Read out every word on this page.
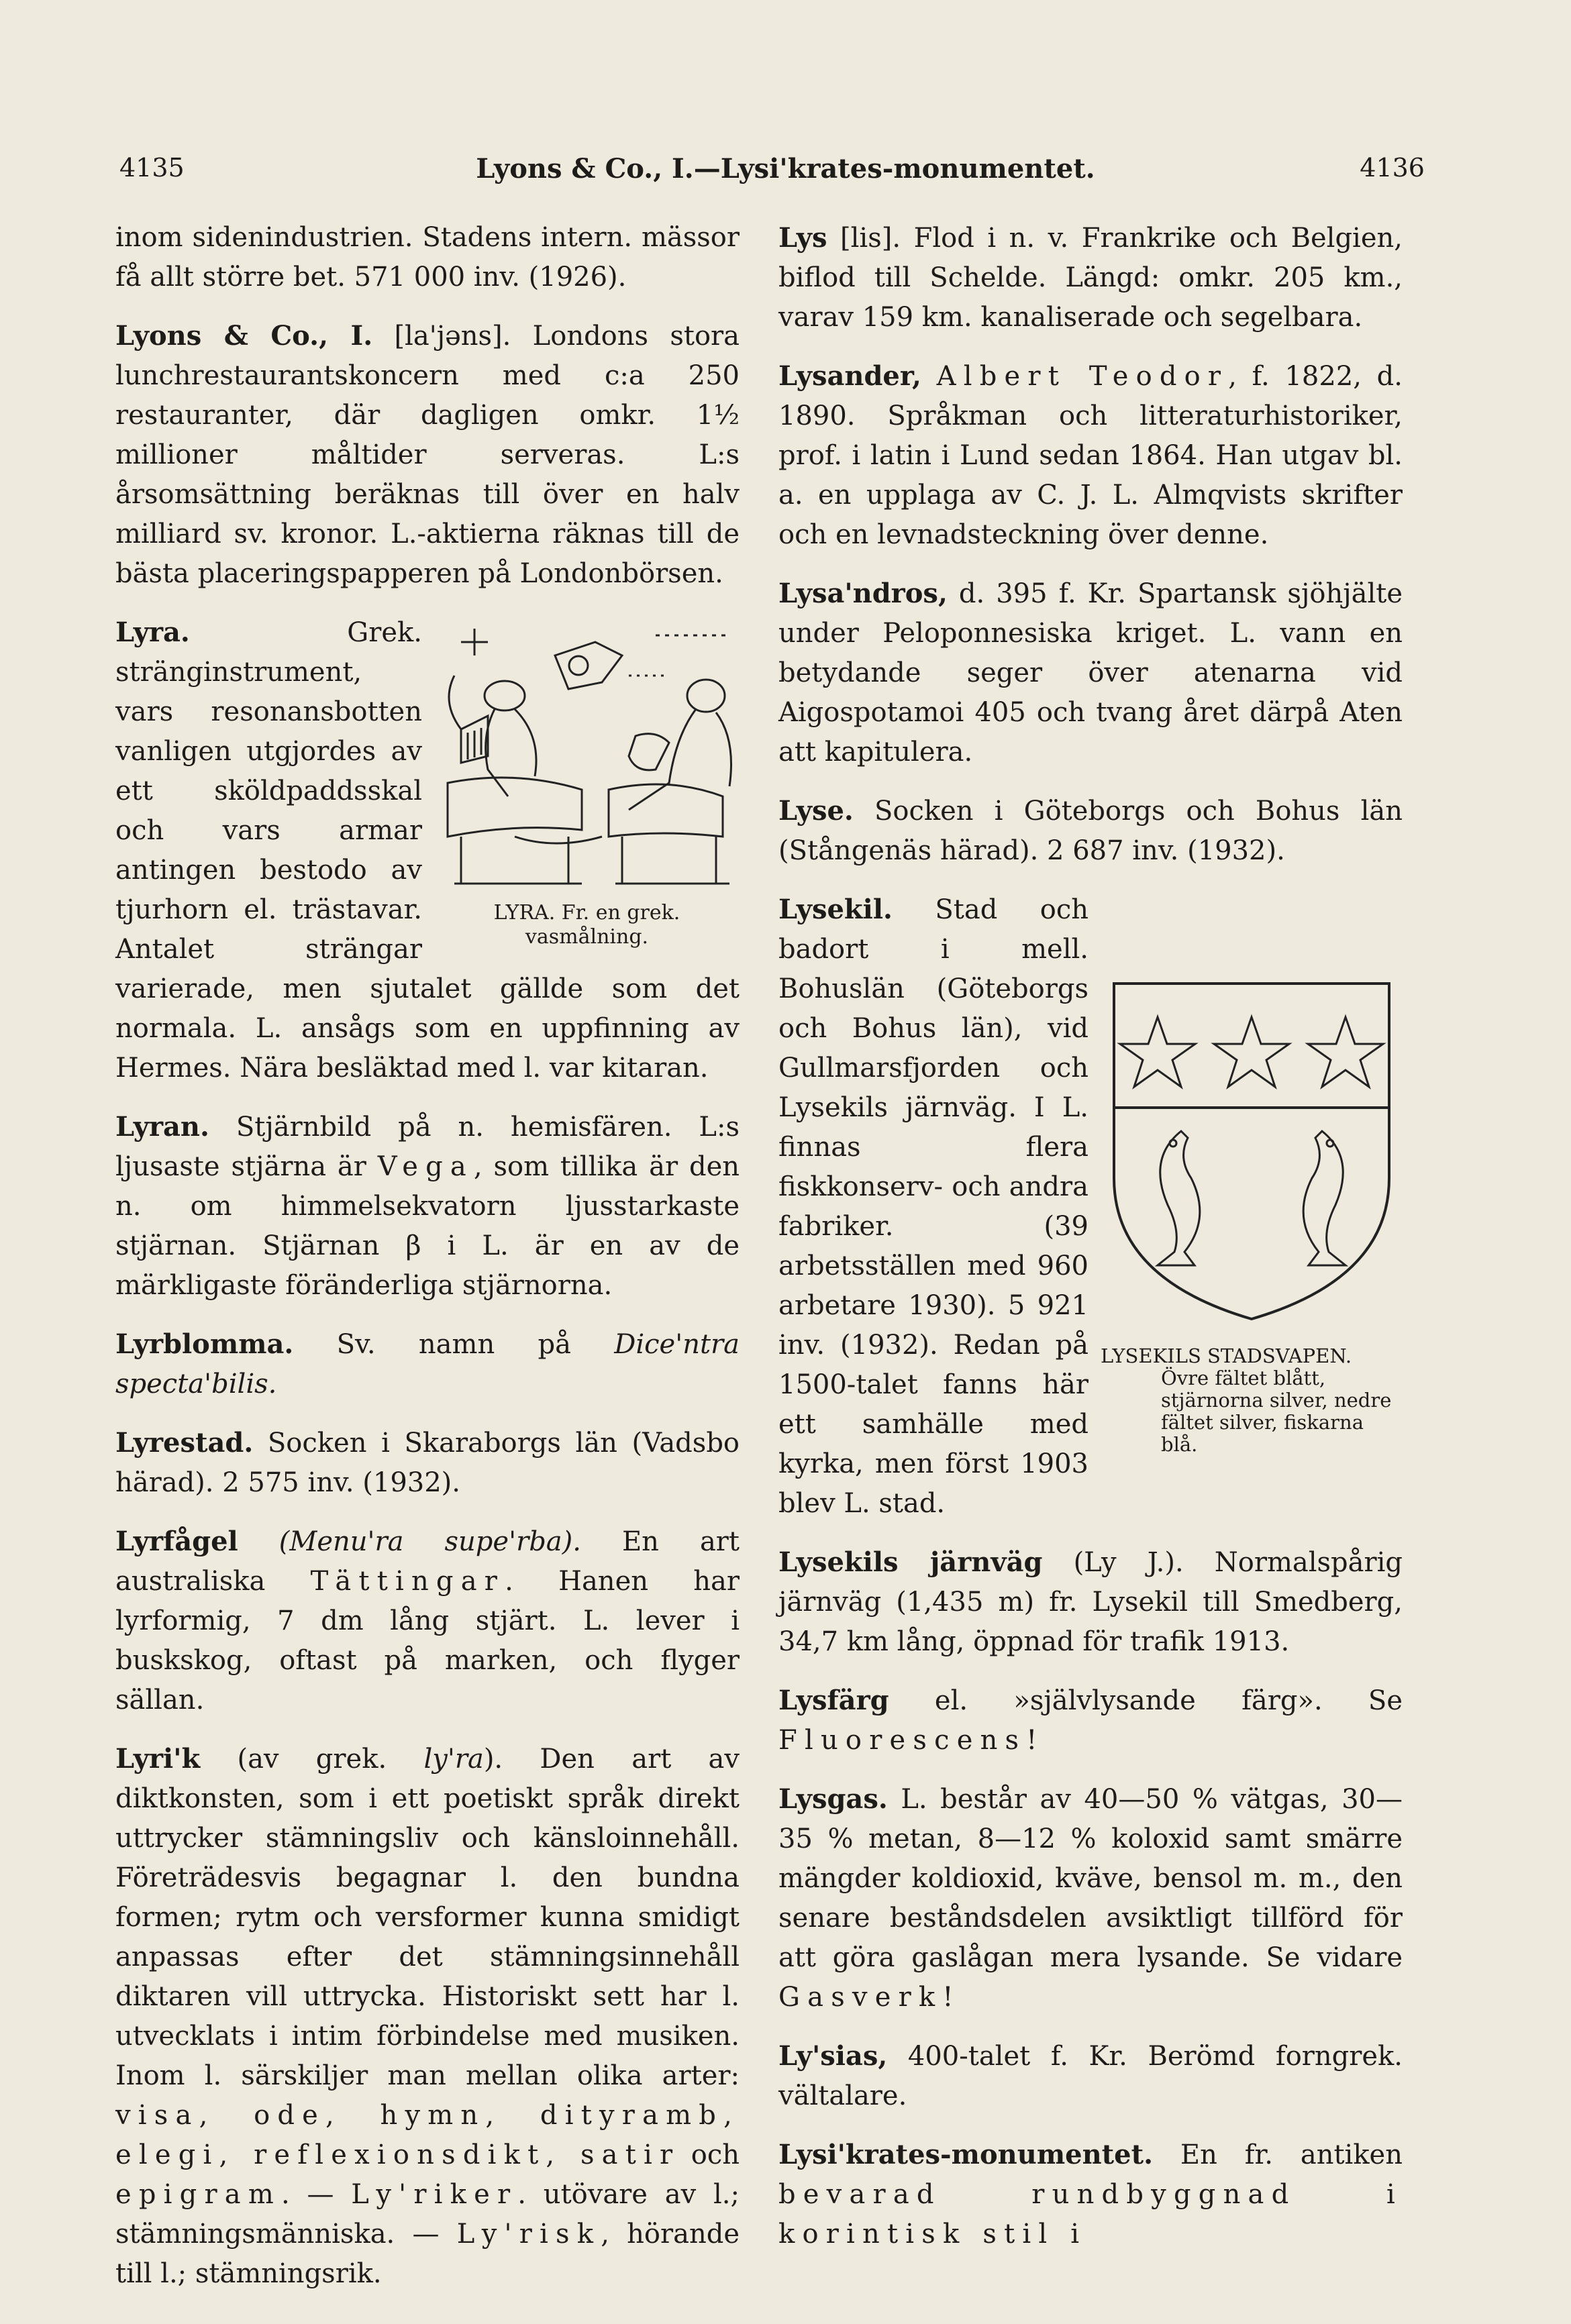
4135	Lyons & Co., I.—Lysi'krates-monumentet.	4136

inom sidenindustrien. Stadens intern. mässor få allt större bet. 571 000 inv. (1926).

Lyons & Co., I. [la'jəns]. Londons stora lunchrestaurantskoncern med c:a 250 restauranter, där dagligen omkr. 1½ millioner måltider serveras. L:s årsomsättning beräknas till över en halv milliard sv. kronor. L.-aktierna räknas till de bästa placeringspapperen på Londonbörsen.

LYRA. Fr. en grek. vasmålning.

Lyra.	Grek. stränginstrument, vars resonansbotten vanligen utgjordes av ett sköldpaddsskal och vars armar antingen bestodo av tjurhorn el. trästavar. Antalet strängar varierade, men sjutalet gällde som det normala. L. ansågs som en uppfinning av Hermes. Nära besläktad med l. var kitaran.

Lyran. Stjärnbild på n. hemisfären. L:s ljusaste stjärna är Vega, som tillika är den n. om himmelsekvatorn ljusstarkaste stjärnan. Stjärnan β i L. är en av de märkligaste föränderliga stjärnorna.

Lyrblomma. Sv. namn på Dice'ntra specta'bilis.

Lyrestad. Socken i Skaraborgs län (Vadsbo härad). 2 575 inv. (1932).

Lyrfågel (Menu'ra supe'rba). En art australiska Tättingar. Hanen har lyrformig, 7 dm lång stjärt. L. lever i buskskog, oftast på marken, och flyger sällan.

Lyri'k (av grek. ly'ra). Den art av diktkonsten, som i ett poetiskt språk direkt uttrycker stämningsliv och känsloinnehåll. Företrädesvis begagnar l. den bundna formen; rytm och versformer kunna smidigt anpassas efter det stämningsinnehåll diktaren vill uttrycka. Historiskt sett har l. utvecklats i intim förbindelse med musiken. Inom l. särskiljer man mellan olika arter: visa, ode, hymn, dityramb, elegi, reflexionsdikt, satir och epigram. — Ly'riker. utövare av l.; stämningsmänniska. — Ly'risk, hörande till l.; stämningsrik.

Lys [lis]. Flod i n. v. Frankrike och Belgien, biflod till Schelde. Längd: omkr. 205 km., varav 159 km. kanaliserade och segelbara.

Lysander, Albert Teodor, f. 1822, d. 1890. Språkman och litteraturhistoriker, prof. i latin i Lund sedan 1864. Han utgav bl. a. en upplaga av C. J. L. Almqvists skrifter och en levnadsteckning över denne.

Lysa'ndros, d. 395 f. Kr. Spartansk sjöhjälte under Peloponnesiska kriget. L. vann en betydande seger över atenarna vid Aigospotamoi 405 och tvang året därpå Aten att kapitulera.

Lyse. Socken i Göteborgs och Bohus län (Stångenäs härad). 2 687 inv. (1932).

LYSEKILS STADSVAPEN.
Övre fältet blått, stjärnorna silver, nedre fältet silver, fiskarna blå.

Lysekil. Stad och badort i mell. Bohuslän (Göteborgs och Bohus län), vid Gullmarsfjorden och Lysekils järnväg. I L. finnas flera fiskkonserv- och andra fabriker. (39 arbetsställen med 960 arbetare 1930). 5 921 inv. (1932). Redan på 1500-talet fanns här ett samhälle med kyrka, men först 1903 blev L. stad.

Lysekils järnväg (Ly J.). Normalspårig järnväg (1,435 m) fr. Lysekil till Smedberg, 34,7 km lång, öppnad för trafik 1913.

Lysfärg el. »självlysande färg». Se Fluorescens!

Lysgas. L. består av 40—50 % vätgas, 30—35 % metan, 8—12 % koloxid samt smärre mängder koldioxid, kväve, bensol m. m., den senare beståndsdelen avsiktligt tillförd för att göra gaslågan mera lysande. Se vidare Gasverk!

Ly'sias, 400-talet f. Kr. Berömd forngrek. vältalare.

Lysi'krates-monumentet. En fr. antiken bevarad rundbyggnad i korintisk stil i
